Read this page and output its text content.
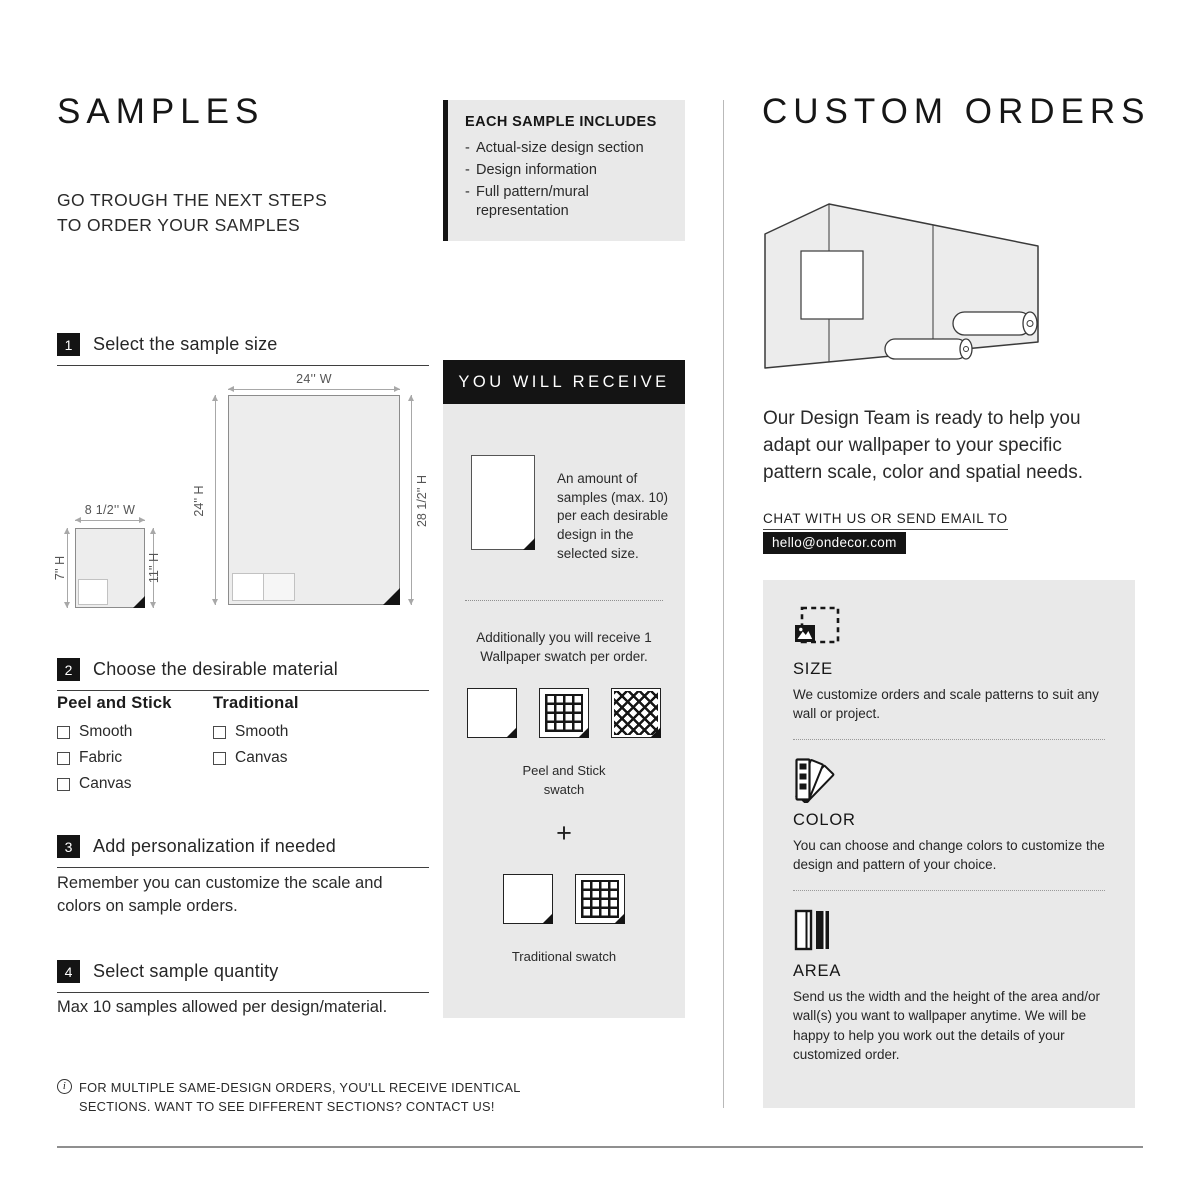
SAMPLES
GO TROUGH THE NEXT STEPS
TO ORDER YOUR SAMPLES
1	Select the sample size
24'' W
24'' H	28 1/2'' H
8 1/2'' W
7'' H	11'' H
2	Choose the desirable material
Peel and Stick
Smooth
Fabric
Canvas
Traditional
Smooth
Canvas
3	Add personalization if needed
Remember you can customize the scale and colors on sample orders.
4	Select sample quantity
Max 10 samples allowed per design/material.
i	FOR MULTIPLE SAME-DESIGN ORDERS, YOU'LL RECEIVE IDENTICAL SECTIONS. WANT TO SEE DIFFERENT SECTIONS? CONTACT US!
EACH SAMPLE INCLUDES
- Actual-size design section
- Design information
- Full pattern/mural representation
YOU WILL RECEIVE
An amount of samples (max. 10) per each desirable design in the selected size.
Additionally you will receive 1 Wallpaper swatch per order.
Peel and Stick swatch
+
Traditional swatch
CUSTOM ORDERS
Our Design Team is ready to help you adapt our wallpaper to your specific pattern scale, color and spatial needs.
CHAT WITH US OR SEND EMAIL TO
hello@ondecor.com
SIZE
We customize orders and scale patterns to suit any wall or project.
COLOR
You can choose and change colors to customize the design and pattern of your choice.
AREA
Send us the width and the height of the area and/or wall(s) you want to wallpaper anytime. We will be happy to help you work out the details of your customized order.
